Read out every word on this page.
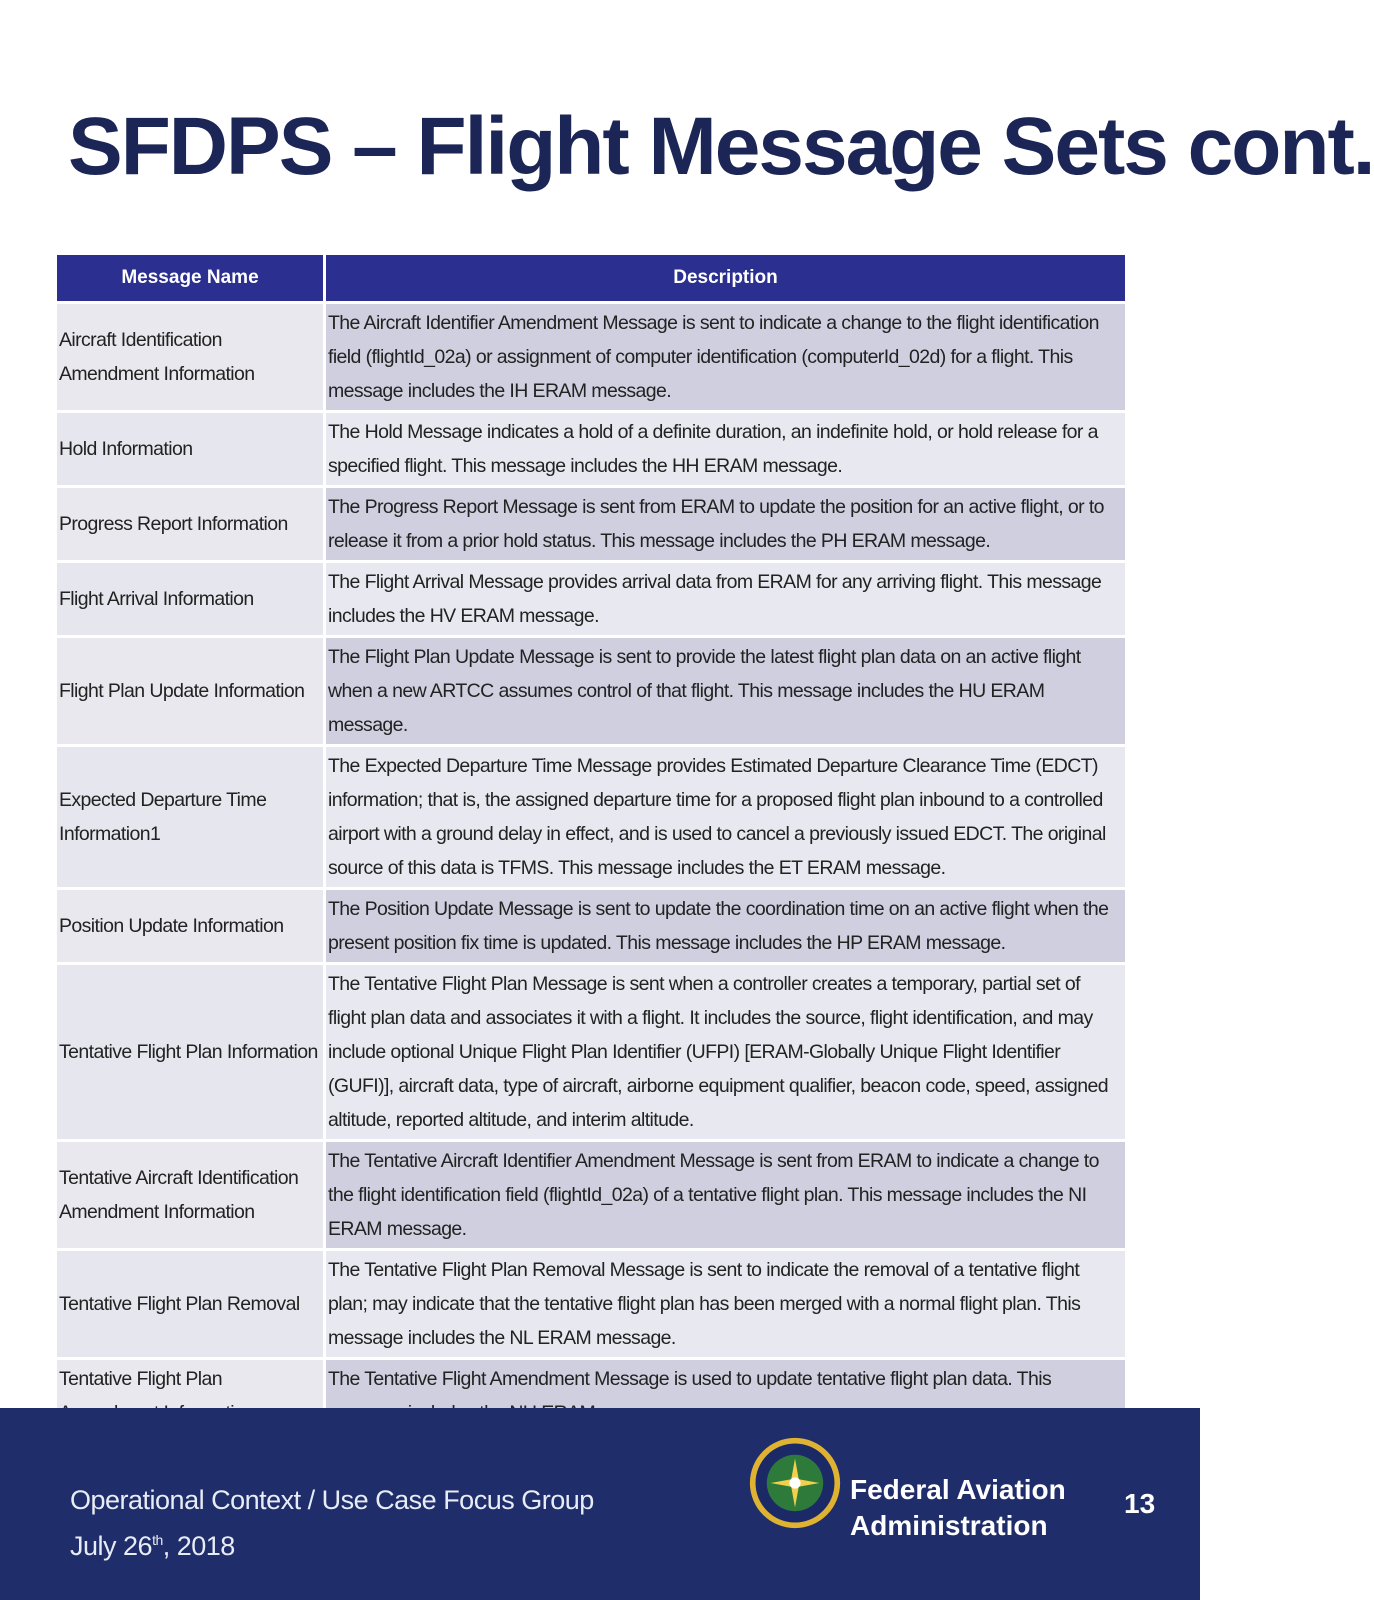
SFDPS – Flight Message Sets cont.
Message Name	Description
Aircraft Identification Amendment Information	The Aircraft Identifier Amendment Message is sent to indicate a change to the flight identification field (flightId_02a) or assignment of computer identification (computerId_02d) for a flight. This message includes the IH ERAM message.
Hold Information	The Hold Message indicates a hold of a definite duration, an indefinite hold, or hold release for a specified flight. This message includes the HH ERAM message.
Progress Report Information	The Progress Report Message is sent from ERAM to update the position for an active flight, or to release it from a prior hold status. This message includes the PH ERAM message.
Flight Arrival Information	The Flight Arrival Message provides arrival data from ERAM for any arriving flight. This message includes the HV ERAM message.
Flight Plan Update Information	The Flight Plan Update Message is sent to provide the latest flight plan data on an active flight when a new ARTCC assumes control of that flight. This message includes the HU ERAM message.
Expected Departure Time Information1	The Expected Departure Time Message provides Estimated Departure Clearance Time (EDCT) information; that is, the assigned departure time for a proposed flight plan inbound to a controlled airport with a ground delay in effect, and is used to cancel a previously issued EDCT. The original source of this data is TFMS. This message includes the ET ERAM message.
Position Update Information	The Position Update Message is sent to update the coordination time on an active flight when the present position fix time is updated. This message includes the HP ERAM message.
Tentative Flight Plan Information	The Tentative Flight Plan Message is sent when a controller creates a temporary, partial set of flight plan data and associates it with a flight. It includes the source, flight identification, and may include optional Unique Flight Plan Identifier (UFPI) [ERAM-Globally Unique Flight Identifier (GUFI)], aircraft data, type of aircraft, airborne equipment qualifier, beacon code, speed, assigned altitude, reported altitude, and interim altitude.
Tentative Aircraft Identification Amendment Information	The Tentative Aircraft Identifier Amendment Message is sent from ERAM to indicate a change to the flight identification field (flightId_02a) of a tentative flight plan. This message includes the NI ERAM message.
Tentative Flight Plan Removal	The Tentative Flight Plan Removal Message is sent to indicate the removal of a tentative flight plan; may indicate that the tentative flight plan has been merged with a normal flight plan. This message includes the NL ERAM message.
Tentative Flight Plan	The Tentative Flight Amendment Message is used to update tentative flight plan data. This
Operational Context / Use Case Focus Group
July 26th, 2018
Federal Aviation
Administration
13
